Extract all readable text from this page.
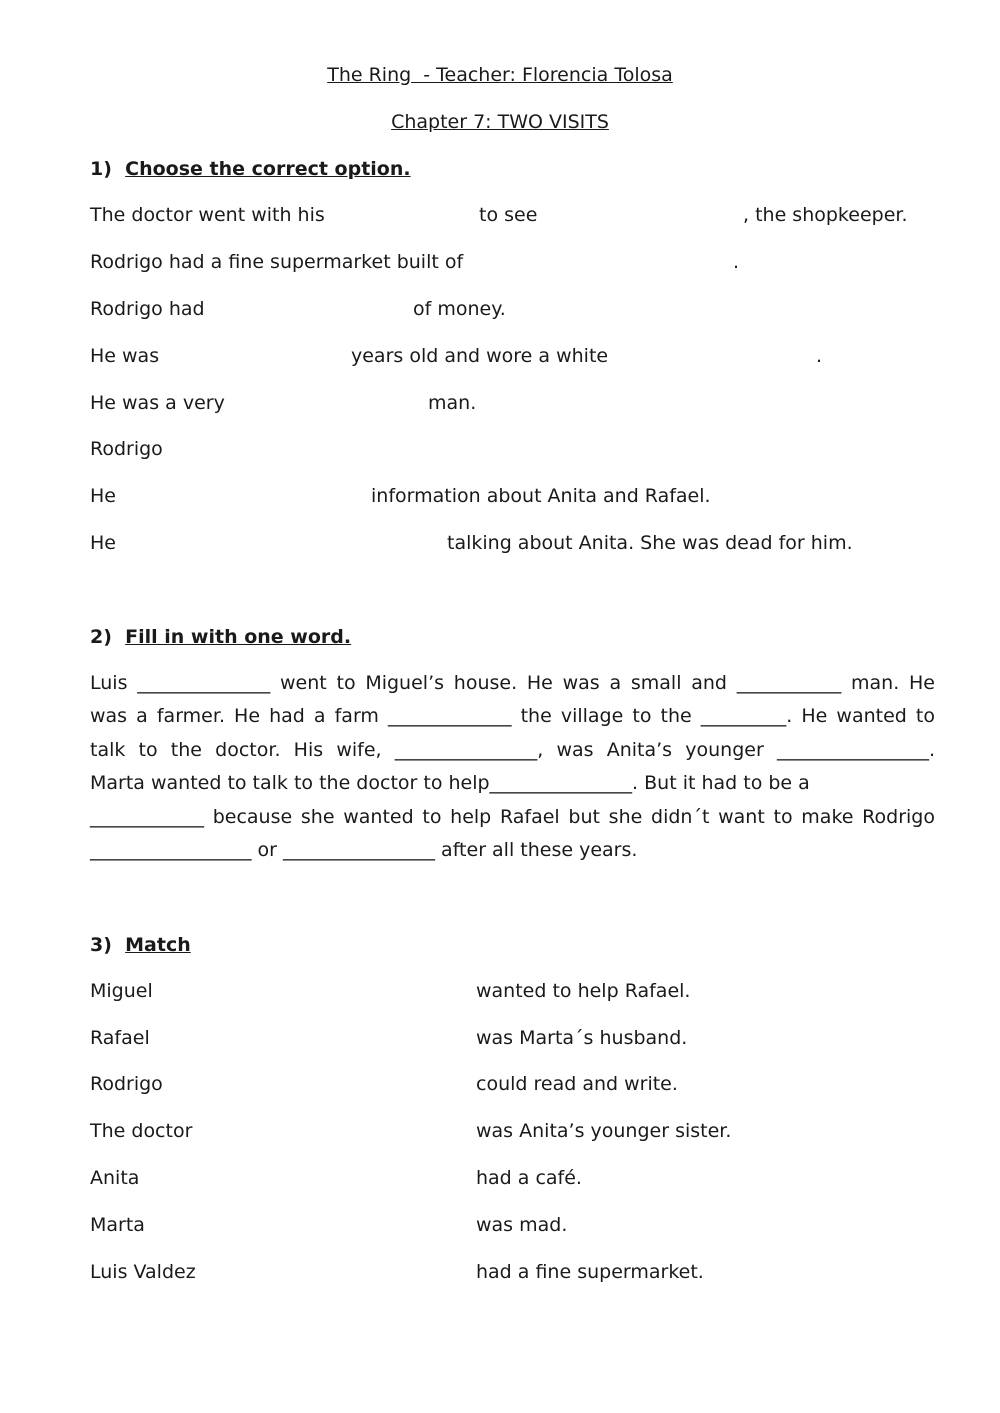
The Ring  - Teacher: Florencia Tolosa
Chapter 7: TWO VISITS
1) Choose the correct option.
The doctor went with his	to see	, the shopkeeper.
Rodrigo had a fine supermarket built of	.
Rodrigo had	of money.
He was	years old and wore a white	.
He was a very	man.
Rodrigo
He	information about Anita and Rafael.
He	talking about Anita. She was dead for him.
2) Fill in with one word.
Luis ______________ went to Miguel’s house. He was a small and ___________ man. He
was a farmer. He had a farm _____________ the village to the _________. He wanted to
talk to the doctor. His wife, _______________, was Anita’s younger ________________.
Marta wanted to talk to the doctor to help_______________. But it had to be a
____________ because she wanted to help Rafael but she didn´t want to make Rodrigo
_________________ or ________________ after all these years.
3) Match
Miguel	wanted to help Rafael.
Rafael	was Marta´s husband.
Rodrigo	could read and write.
The doctor	was Anita’s younger sister.
Anita	had a café.
Marta	was mad.
Luis Valdez	had a fine supermarket.
